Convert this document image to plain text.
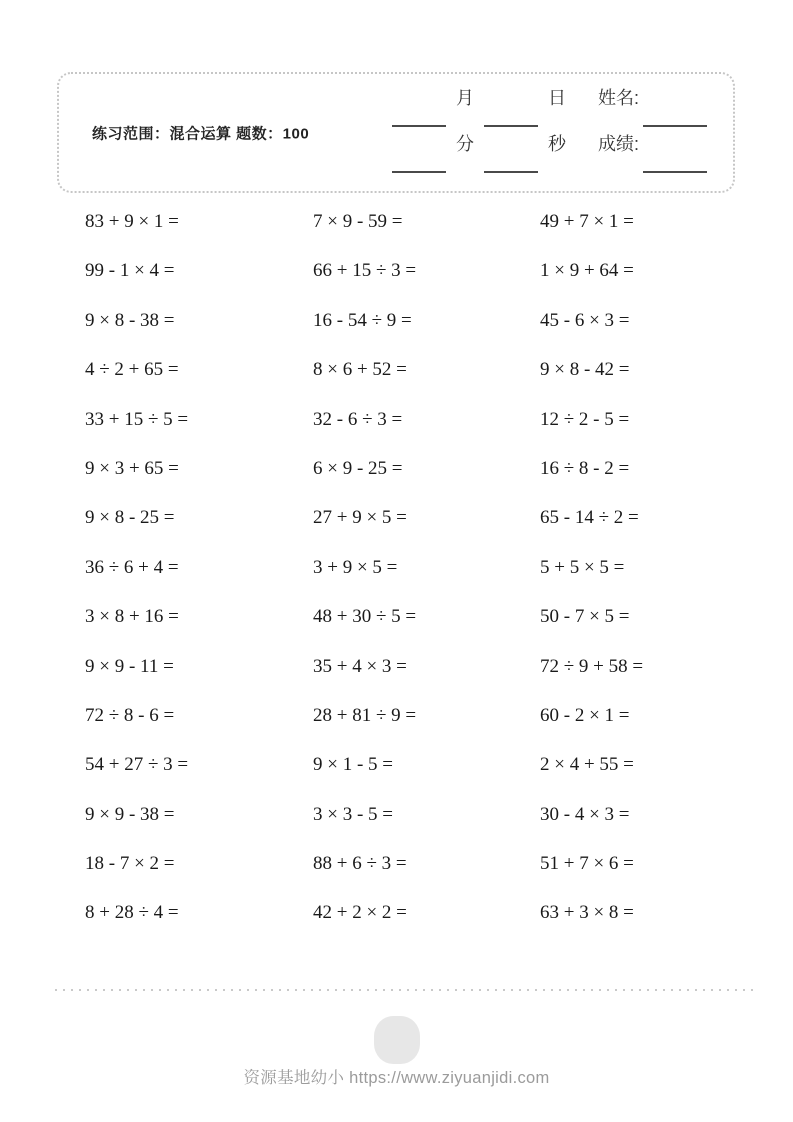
练习范围：混合运算 题数：100
月	日 姓名:
分	秒 成绩:
83 + 9 × 1 =
99 - 1 × 4 =
9 × 8 - 38 =
4 ÷ 2 + 65 =
33 + 15 ÷ 5 =
9 × 3 + 65 =
9 × 8 - 25 =
36 ÷ 6 + 4 =
3 × 8 + 16 =
9 × 9 - 11 =
72 ÷ 8 - 6 =
54 + 27 ÷ 3 =
9 × 9 - 38 =
18 - 7 × 2 =
8 + 28 ÷ 4 =
7 × 9 - 59 =
66 + 15 ÷ 3 =
16 - 54 ÷ 9 =
8 × 6 + 52 =
32 - 6 ÷ 3 =
6 × 9 - 25 =
27 + 9 × 5 =
3 + 9 × 5 =
48 + 30 ÷ 5 =
35 + 4 × 3 =
28 + 81 ÷ 9 =
9 × 1 - 5 =
3 × 3 - 5 =
88 + 6 ÷ 3 =
42 + 2 × 2 =
49 + 7 × 1 =
1 × 9 + 64 =
45 - 6 × 3 =
9 × 8 - 42 =
12 ÷ 2 - 5 =
16 ÷ 8 - 2 =
65 - 14 ÷ 2 =
5 + 5 × 5 =
50 - 7 × 5 =
72 ÷ 9 + 58 =
60 - 2 × 1 =
2 × 4 + 55 =
30 - 4 × 3 =
51 + 7 × 6 =
63 + 3 × 8 =
资源基地幼小 https://www.ziyuanjidi.com
